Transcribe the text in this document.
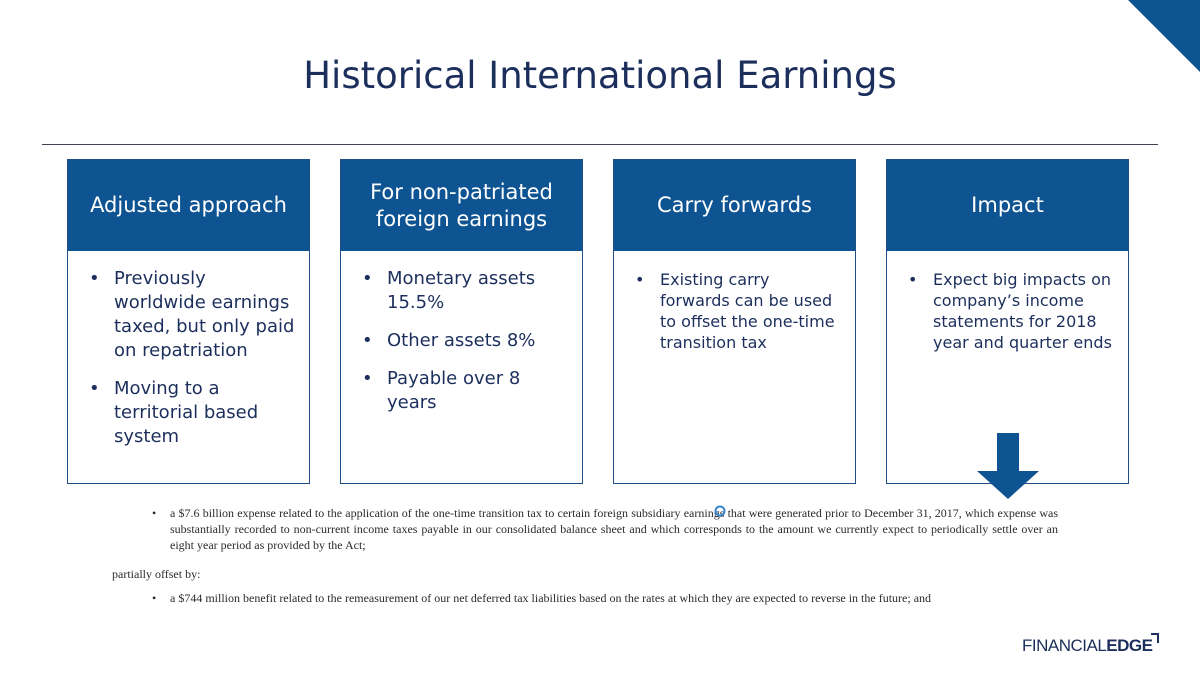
Historical International Earnings
Adjusted approach
• Previously worldwide earnings taxed, but only paid on repatriation
• Moving to a territorial based system
For non-patriated foreign earnings
• Monetary assets 15.5%
• Other assets 8%
• Payable over 8 years
Carry forwards
• Existing carry forwards can be used to offset the one-time transition tax
Impact
• Expect big impacts on company’s income statements for 2018 year and quarter ends
• a $7.6 billion expense related to the application of the one-time transition tax to certain foreign subsidiary earnings that were generated prior to December 31, 2017, which expense was substantially recorded to non-current income taxes payable in our consolidated balance sheet and which corresponds to the amount we currently expect to periodically settle over an eight year period as provided by the Act;
partially offset by:
• a $744 million benefit related to the remeasurement of our net deferred tax liabilities based on the rates at which they are expected to reverse in the future; and
FINANCIALEDGE
